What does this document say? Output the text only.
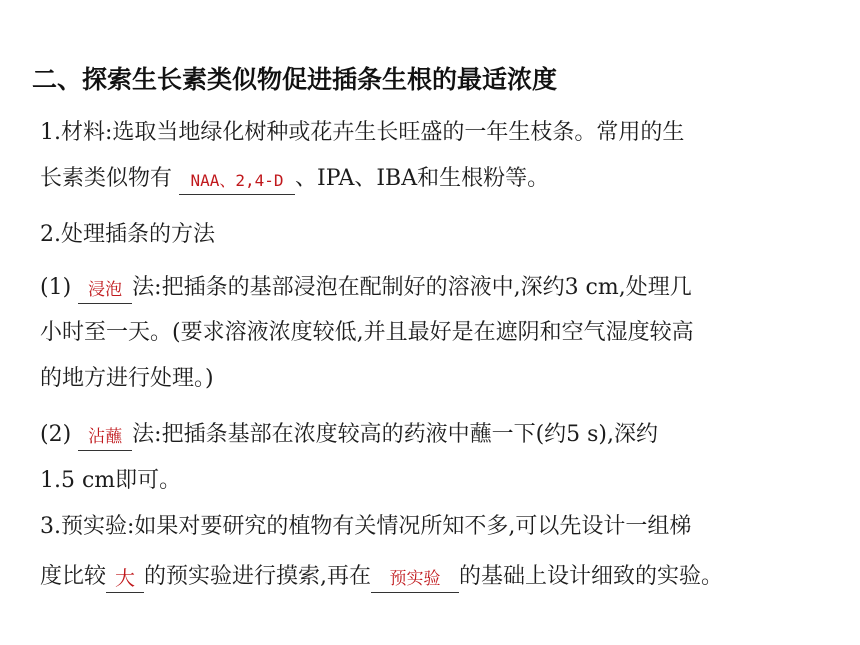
二、探索生长素类似物促进插条生根的最适浓度
1.材料:选取当地绿化树种或花卉生长旺盛的一年生枝条。常用的生
长素类似物有 NAA、2,4-D 、IPA、IBA和生根粉等。
2.处理插条的方法
(1) 浸泡 法:把插条的基部浸泡在配制好的溶液中,深约3 cm,处理几
小时至一天。(要求溶液浓度较低,并且最好是在遮阴和空气湿度较高
的地方进行处理。)
(2) 沾蘸 法:把插条基部在浓度较高的药液中蘸一下(约5 s),深约
1.5 cm即可。
3.预实验:如果对要研究的植物有关情况所知不多,可以先设计一组梯
度比较 大 的预实验进行摸索,再在	预实验 的基础上设计细致的实验。
